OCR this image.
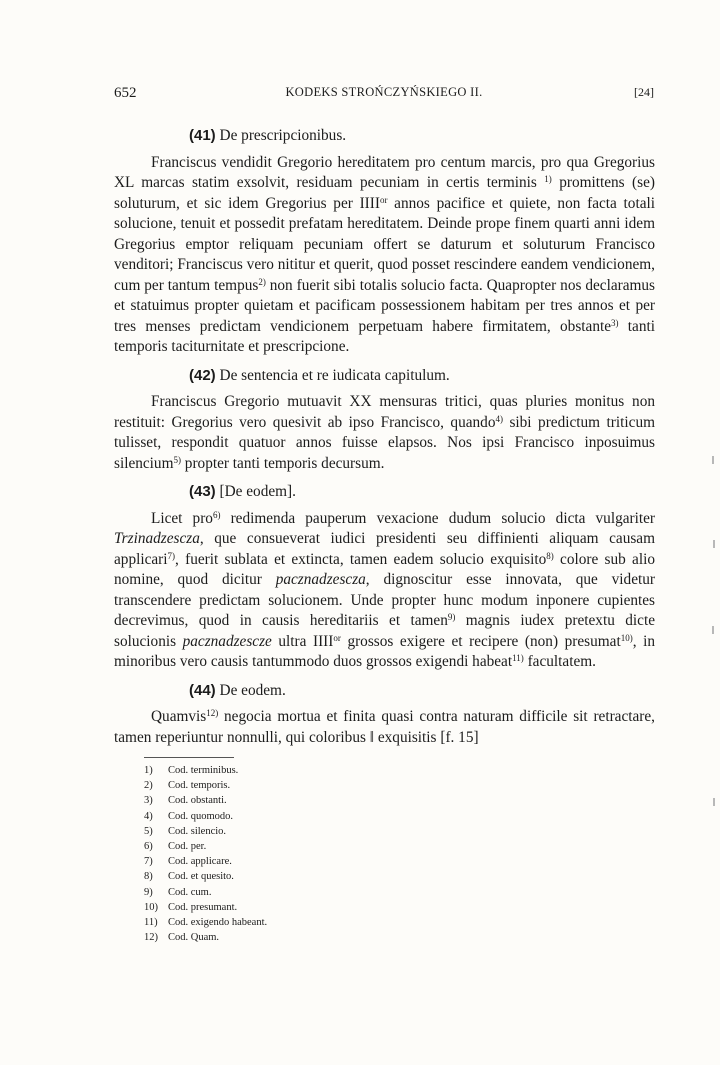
652	KODEKS STROŃCZYŃSKIEGO II.	[24]
(41) De prescripcionibus.

Franciscus vendidit Gregorio hereditatem pro centum marcis, pro qua Gregorius XL marcas statim exsolvit, residuam pecuniam in certis terminis $^{1)}$ promittens (se) soluturum, et sic idem Gregorius per $IIII^{or}$ annos pacifice et quiete, non facta totali solucione, tenuit et possedit prefatam hereditatem. Deinde prope finem quarti anni idem Gregorius emptor reliquam pecuniam offert se daturum et soluturum Francisco venditori; Franciscus vero nititur et querit, quod posset rescindere eandem vendicionem, cum per tantum tempus$^{2)}$ non fuerit sibi totalis solucio facta. Quapropter nos declaramus et statuimus propter quietam et pacificam possessionem habitam per tres annos et per tres menses predictam vendicionem perpetuam habere firmitatem, obstante$^{3)}$ tanti temporis taciturnitate et prescripcione.

(42) De sentencia et re iudicata capitulum.

Franciscus Gregorio mutuavit XX mensuras tritici, quas pluries monitus non restituit: Gregorius vero quesivit ab ipso Francisco, quando$^{4)}$ sibi predictum triticum tulisset, respondit quatuor annos fuisse elapsos. Nos ipsi Francisco inposuimus silencium$^{5)}$ propter tanti temporis decursum.

(43) [De eodem].

Licet pro$^{6)}$ redimenda pauperum vexacione dudum solucio dicta vulgariter Trzinadzescza, que consueverat iudici presidenti seu diffinienti aliquam causam applicari$^{7)}$, fuerit sublata et extincta, tamen eadem solucio exquisito$^{8)}$ colore sub alio nomine, quod dicitur pacznadzescza, dignoscitur esse innovata, que videtur transcendere predictam solucionem. Unde propter hunc modum inponere cupientes decrevimus, quod in causis hereditariis et tamen$^{9)}$ magnis iudex pretextu dicte solucionis pacznadzescze ultra $IIII^{or}$ grossos exigere et recipere (non) presumat$^{10)}$, in minoribus vero causis tantummodo duos grossos exigendi habeat$^{11)}$ facultatem.

(44) De eodem.

Quamvis$^{12)}$ negocia mortua et finita quasi contra naturam difficile sit retractare, tamen reperiuntur nonnulli, qui coloribus ‖ exquisitis [f. 15]

1) Cod. terminibus.
2) Cod. temporis.
3) Cod. obstanti.
4) Cod. quomodo.
5) Cod. silencio.
6) Cod. per.
7) Cod. applicare.
8) Cod. et quesito.
9) Cod. cum.
10) Cod. presumant.
11) Cod. exigendo habeant.
12) Cod. Quam.
